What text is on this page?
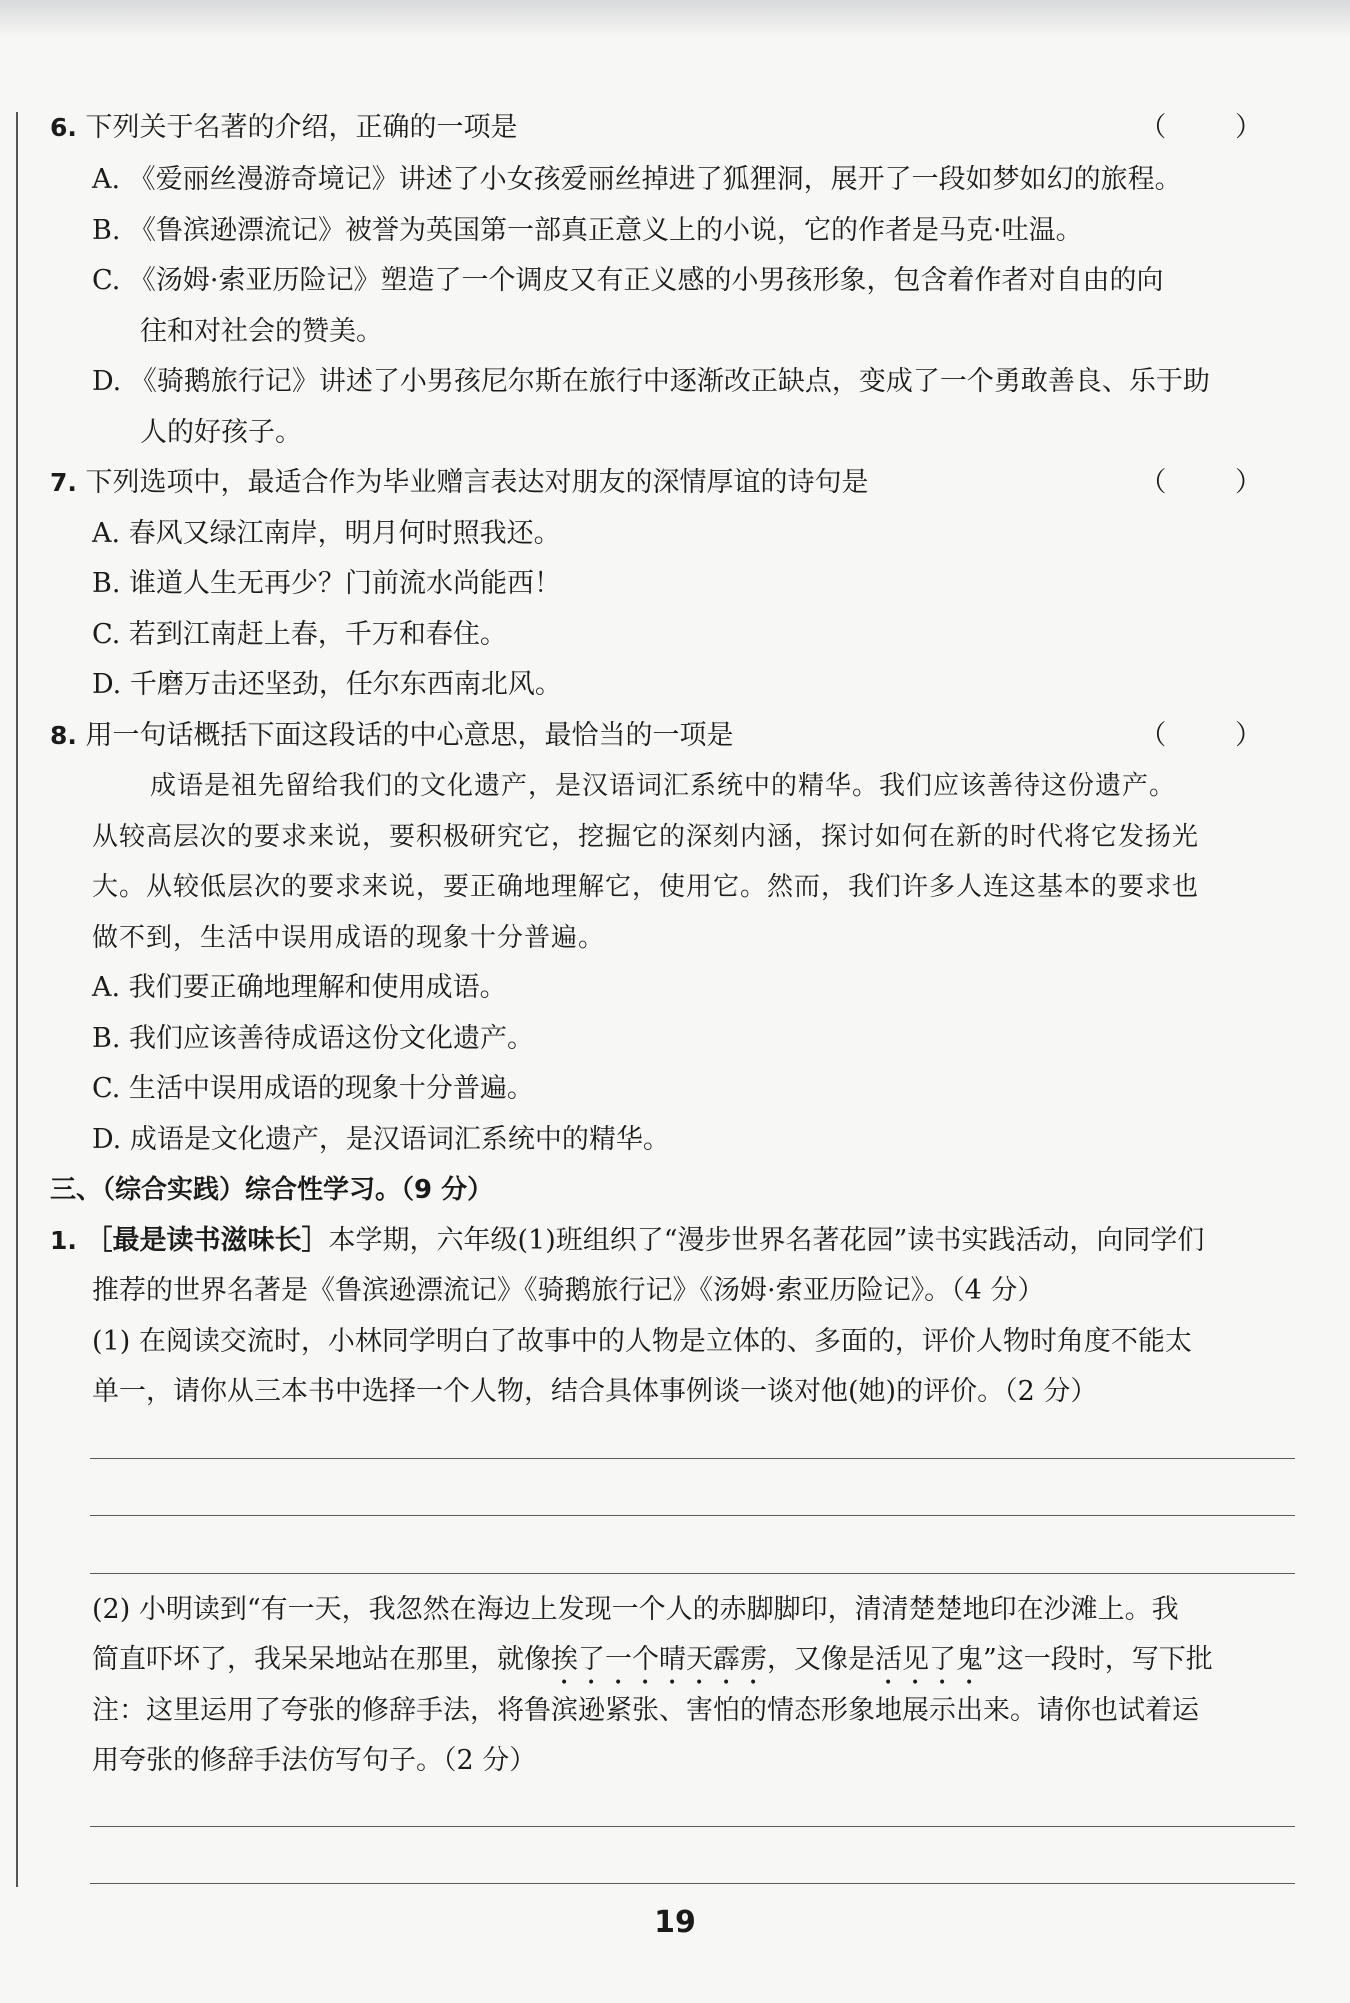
6. 下列关于名著的介绍，正确的一项是	（ ）
A. 《爱丽丝漫游奇境记》讲述了小女孩爱丽丝掉进了狐狸洞，展开了一段如梦如幻的旅程。
B. 《鲁滨逊漂流记》被誉为英国第一部真正意义上的小说，它的作者是马克·吐温。
C. 《汤姆·索亚历险记》塑造了一个调皮又有正义感的小男孩形象，包含着作者对自由的向
往和对社会的赞美。
D. 《骑鹅旅行记》讲述了小男孩尼尔斯在旅行中逐渐改正缺点，变成了一个勇敢善良、乐于助
人的好孩子。
7. 下列选项中，最适合作为毕业赠言表达对朋友的深情厚谊的诗句是	（ ）
A. 春风又绿江南岸，明月何时照我还。
B. 谁道人生无再少？门前流水尚能西！
C. 若到江南赶上春，千万和春住。
D. 千磨万击还坚劲，任尔东西南北风。
8. 用一句话概括下面这段话的中心意思，最恰当的一项是	（ ）
成语是祖先留给我们的文化遗产，是汉语词汇系统中的精华。我们应该善待这份遗产。
从较高层次的要求来说，要积极研究它，挖掘它的深刻内涵，探讨如何在新的时代将它发扬光
大。从较低层次的要求来说，要正确地理解它，使用它。然而，我们许多人连这基本的要求也
做不到，生活中误用成语的现象十分普遍。
A. 我们要正确地理解和使用成语。
B. 我们应该善待成语这份文化遗产。
C. 生活中误用成语的现象十分普遍。
D. 成语是文化遗产，是汉语词汇系统中的精华。
三、（综合实践）综合性学习。（9 分）
1. ［最是读书滋味长］本学期，六年级(1)班组织了“漫步世界名著花园”读书实践活动，向同学们
推荐的世界名著是《鲁滨逊漂流记》《骑鹅旅行记》《汤姆·索亚历险记》。（4 分）
(1) 在阅读交流时，小林同学明白了故事中的人物是立体的、多面的，评价人物时角度不能太
单一，请你从三本书中选择一个人物，结合具体事例谈一谈对他(她)的评价。（2 分）
(2) 小明读到“有一天，我忽然在海边上发现一个人的赤脚脚印，清清楚楚地印在沙滩上。我
简直吓坏了，我呆呆地站在那里，就像挨了一个晴天霹雳，又像是活见了鬼”这一段时，写下批
注：这里运用了夸张的修辞手法，将鲁滨逊紧张、害怕的情态形象地展示出来。请你也试着运
用夸张的修辞手法仿写句子。（2 分）
19
